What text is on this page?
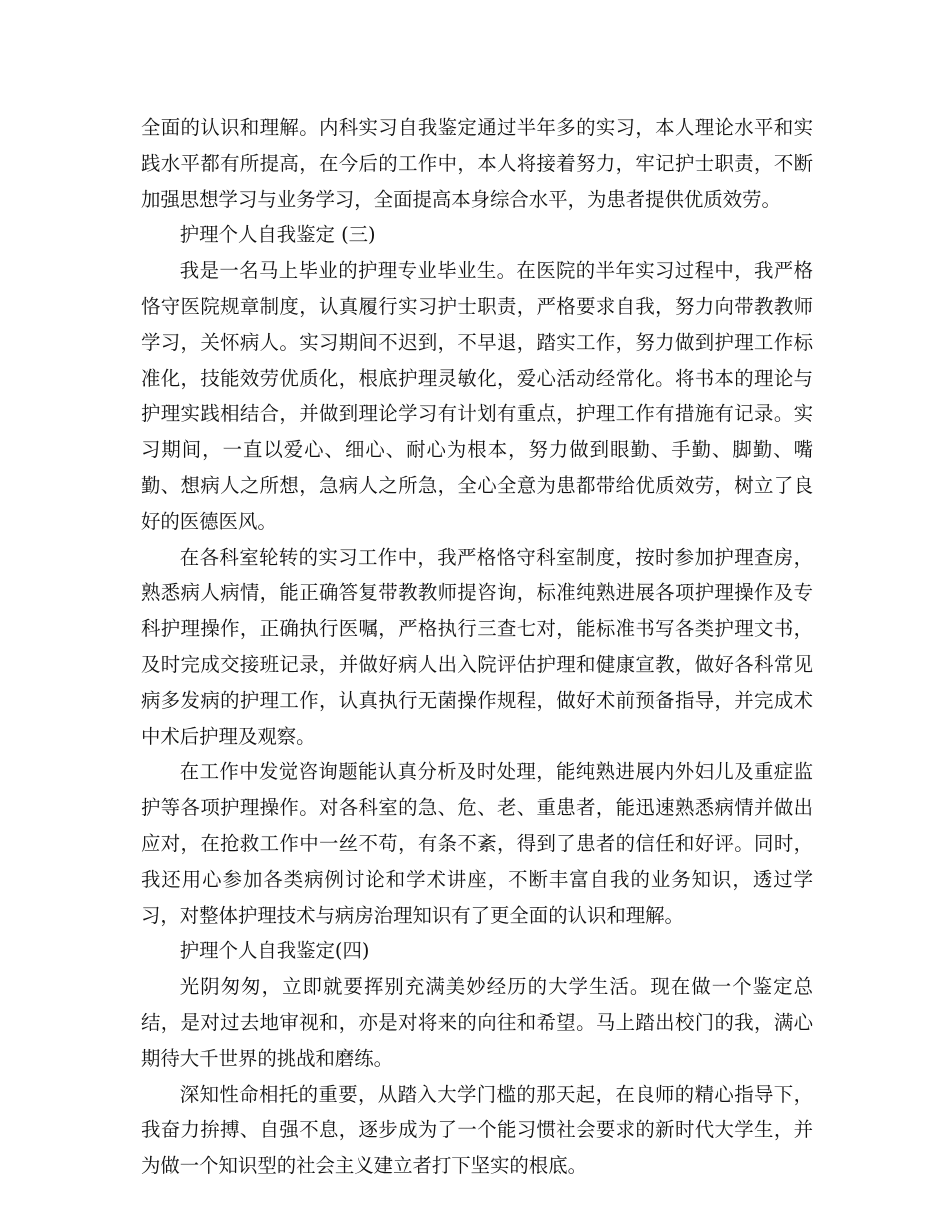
全面的认识和理解。内科实习自我鉴定通过半年多的实习，本人理论水平和实践水平都有所提高，在今后的工作中，本人将接着努力，牢记护士职责，不断加强思想学习与业务学习，全面提高本身综合水平，为患者提供优质效劳。

护理个人自我鉴定 (三)

我是一名马上毕业的护理专业毕业生。在医院的半年实习过程中，我严格恪守医院规章制度，认真履行实习护士职责，严格要求自我，努力向带教教师学习，关怀病人。实习期间不迟到，不早退，踏实工作，努力做到护理工作标准化，技能效劳优质化，根底护理灵敏化，爱心活动经常化。将书本的理论与护理实践相结合，并做到理论学习有计划有重点，护理工作有措施有记录。实习期间，一直以爱心、细心、耐心为根本，努力做到眼勤、手勤、脚勤、嘴勤、想病人之所想，急病人之所急，全心全意为患都带给优质效劳，树立了良好的医德医风。

在各科室轮转的实习工作中，我严格恪守科室制度，按时参加护理查房，熟悉病人病情，能正确答复带教教师提咨询，标准纯熟进展各项护理操作及专科护理操作，正确执行医嘱，严格执行三查七对，能标准书写各类护理文书，及时完成交接班记录，并做好病人出入院评估护理和健康宣教，做好各科常见病多发病的护理工作，认真执行无菌操作规程，做好术前预备指导，并完成术中术后护理及观察。

在工作中发觉咨询题能认真分析及时处理，能纯熟进展内外妇儿及重症监护等各项护理操作。对各科室的急、危、老、重患者，能迅速熟悉病情并做出应对，在抢救工作中一丝不苟，有条不紊，得到了患者的信任和好评。同时，我还用心参加各类病例讨论和学术讲座，不断丰富自我的业务知识，透过学习，对整体护理技术与病房治理知识有了更全面的认识和理解。

护理个人自我鉴定(四)

光阴匆匆，立即就要挥别充满美妙经历的大学生活。现在做一个鉴定总结，是对过去地审视和，亦是对将来的向往和希望。马上踏出校门的我，满心期待大千世界的挑战和磨练。

深知性命相托的重要，从踏入大学门槛的那天起，在良师的精心指导下，我奋力拚搏、自强不息，逐步成为了一个能习惯社会要求的新时代大学生，并为做一个知识型的社会主义建立者打下坚实的根底。
